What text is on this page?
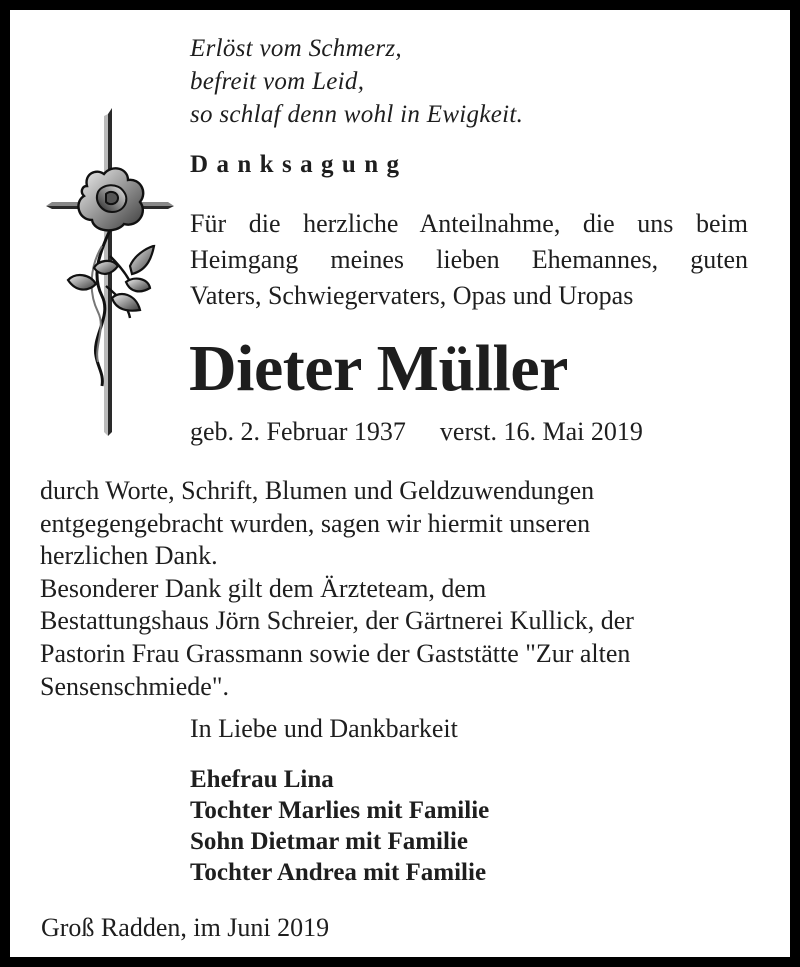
Erlöst vom Schmerz,
befreit vom Leid,
so schlaf denn wohl in Ewigkeit.
Danksagung
Für die herzliche Anteilnahme, die uns beim
Heimgang meines lieben Ehemannes, guten
Vaters, Schwiegervaters, Opas und Uropas
Dieter Müller
geb. 2. Februar 1937 verst. 16. Mai 2019
durch Worte, Schrift, Blumen und Geldzuwendungen
entgegengebracht wurden, sagen wir hiermit unseren
herzlichen Dank.
Besonderer Dank gilt dem Ärzteteam, dem
Bestattungshaus Jörn Schreier, der Gärtnerei Kullick, der
Pastorin Frau Grassmann sowie der Gaststätte "Zur alten
Sensenschmiede".
In Liebe und Dankbarkeit
Ehefrau Lina
Tochter Marlies mit Familie
Sohn Dietmar mit Familie
Tochter Andrea mit Familie
Groß Radden, im Juni 2019
